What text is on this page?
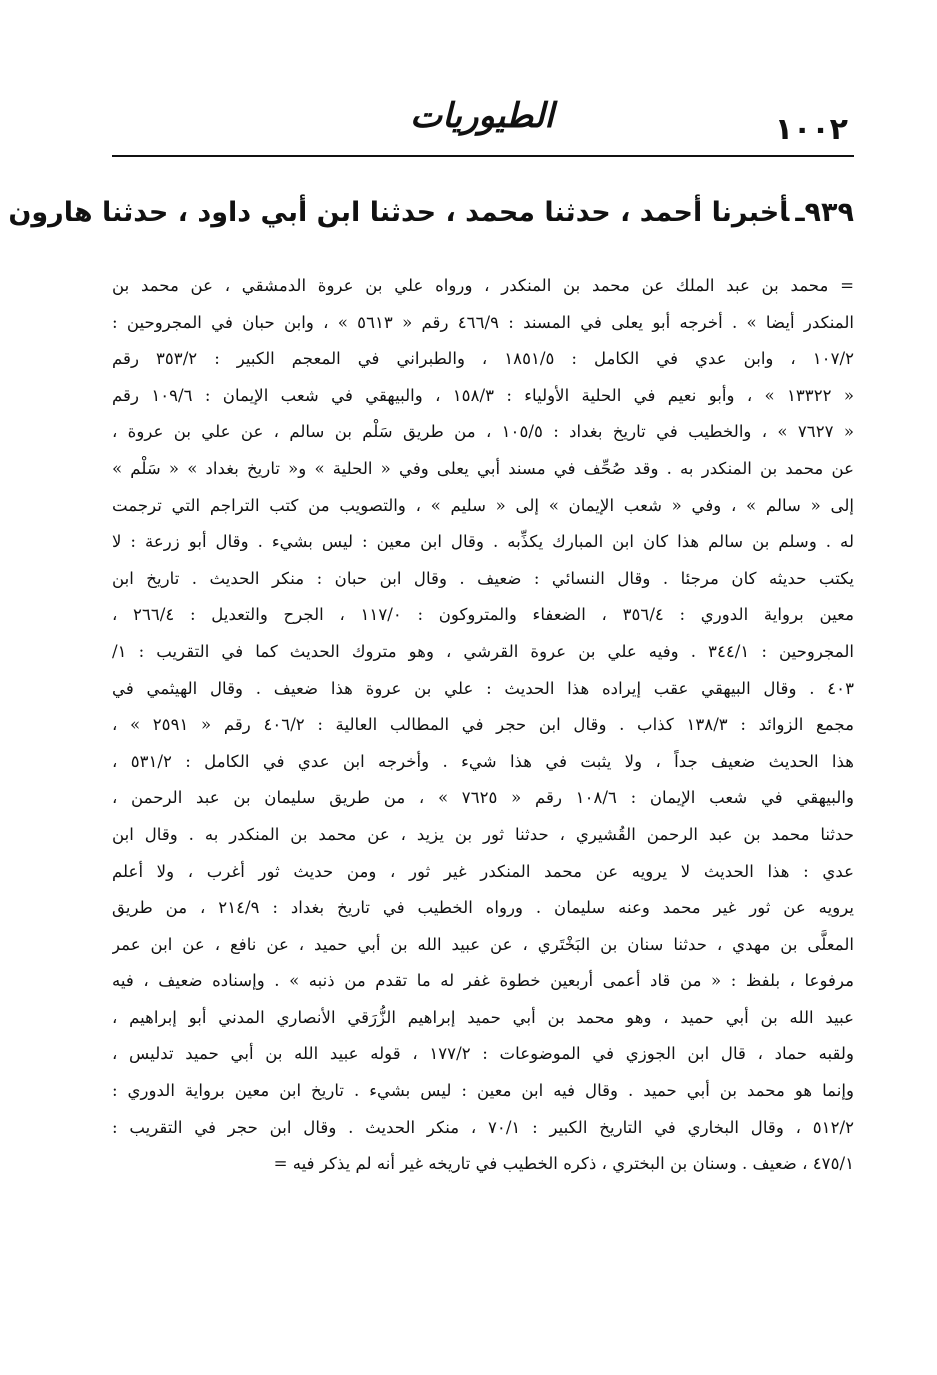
الطيوريات	١٠٠٢
٩٣٩ـأخبرنا أحمد ، حدثنا محمد ، حدثنا ابن أبي داود ، حدثنا هارون
= محمد بن عبد الملك عن محمد بن المنكدر ، ورواه علي بن عروة الدمشقي ، عن محمد بن
المنكدر أيضا » . أخرجه أبو يعلى في المسند : ٤٦٦/٩ رقم « ٥٦١٣ » ، وابن حبان في المجروحين :
١٠٧/٢ ، وابن عدي في الكامل : ١٨٥١/٥ ، والطبراني في المعجم الكبير : ٣٥٣/٢ رقم
« ١٣٣٢٢ » ، وأبو نعيم في الحلية الأولياء : ١٥٨/٣ ، والبيهقي في شعب الإيمان : ١٠٩/٦ رقم
« ٧٦٢٧ » ، والخطيب في تاريخ بغداد : ١٠٥/٥ ، من طريق سَلْم بن سالم ، عن علي بن عروة ،
عن محمد بن المنكدر به . وقد صُحِّف في مسند أبي يعلى وفي « الحلية » و« تاريخ بغداد » « سَلْم »
إلى « سالم » ، وفي « شعب الإيمان » إلى « سليم » ، والتصويب من كتب التراجم التي ترجمت
له . وسلم بن سالم هذا كان ابن المبارك يكذِّبه . وقال ابن معين : ليس بشيء . وقال أبو زرعة : لا
يكتب حديثه كان مرجئا . وقال النسائي : ضعيف . وقال ابن حبان : منكر الحديث . تاريخ ابن
معين برواية الدوري : ٣٥٦/٤ ، الضعفاء والمتروكون : ١١٧/٠ ، الجرح والتعديل : ٢٦٦/٤ ،
المجروحين : ٣٤٤/١ . وفيه علي بن عروة القرشي ، وهو متروك الحديث كما في التقريب : ١/
٤٠٣ . وقال البيهقي عقب إيراده هذا الحديث : علي بن عروة هذا ضعيف . وقال الهيثمي في
مجمع الزوائد : ١٣٨/٣ كذاب . وقال ابن حجر في المطالب العالية : ٤٠٦/٢ رقم « ٢٥٩١ » ،
هذا الحديث ضعيف جداً ، ولا يثبت في هذا شيء . وأخرجه ابن عدي في الكامل : ٥٣١/٢ ،
والبيهقي في شعب الإيمان : ١٠٨/٦ رقم « ٧٦٢٥ » ، من طريق سليمان بن عبد الرحمن ،
حدثنا محمد بن عبد الرحمن القُشيري ، حدثنا ثور بن يزيد ، عن محمد بن المنكدر به . وقال ابن
عدي : هذا الحديث لا يرويه عن محمد المنكدر غير ثور ، ومن حديث ثور أغرب ، ولا أعلم
يرويه عن ثور غير محمد وعنه سليمان . ورواه الخطيب في تاريخ بغداد : ٢١٤/٩ ، من طريق
المعلَّى بن مهدي ، حدثنا سنان بن البَخْتَري ، عن عبيد الله بن أبي حميد ، عن نافع ، عن ابن عمر
مرفوعا ، بلفظ : « من قاد أعمى أربعين خطوة غفر له ما تقدم من ذنبه » . وإسناده ضعيف ، فيه
عبيد الله بن أبي حميد ، وهو محمد بن أبي حميد إبراهيم الزُّرَقي الأنصاري المدني أبو إبراهيم ،
ولقبه حماد ، قال ابن الجوزي في الموضوعات : ١٧٧/٢ ، قوله عبيد الله بن أبي حميد تدليس ،
وإنما هو محمد بن أبي حميد . وقال فيه ابن معين : ليس بشيء . تاريخ ابن معين برواية الدوري :
٥١٢/٢ ، وقال البخاري في التاريخ الكبير : ٧٠/١ ، منكر الحديث . وقال ابن حجر في التقريب :
٤٧٥/١ ، ضعيف . وسنان بن البختري ، ذكره الخطيب في تاريخه غير أنه لم يذكر فيه =
